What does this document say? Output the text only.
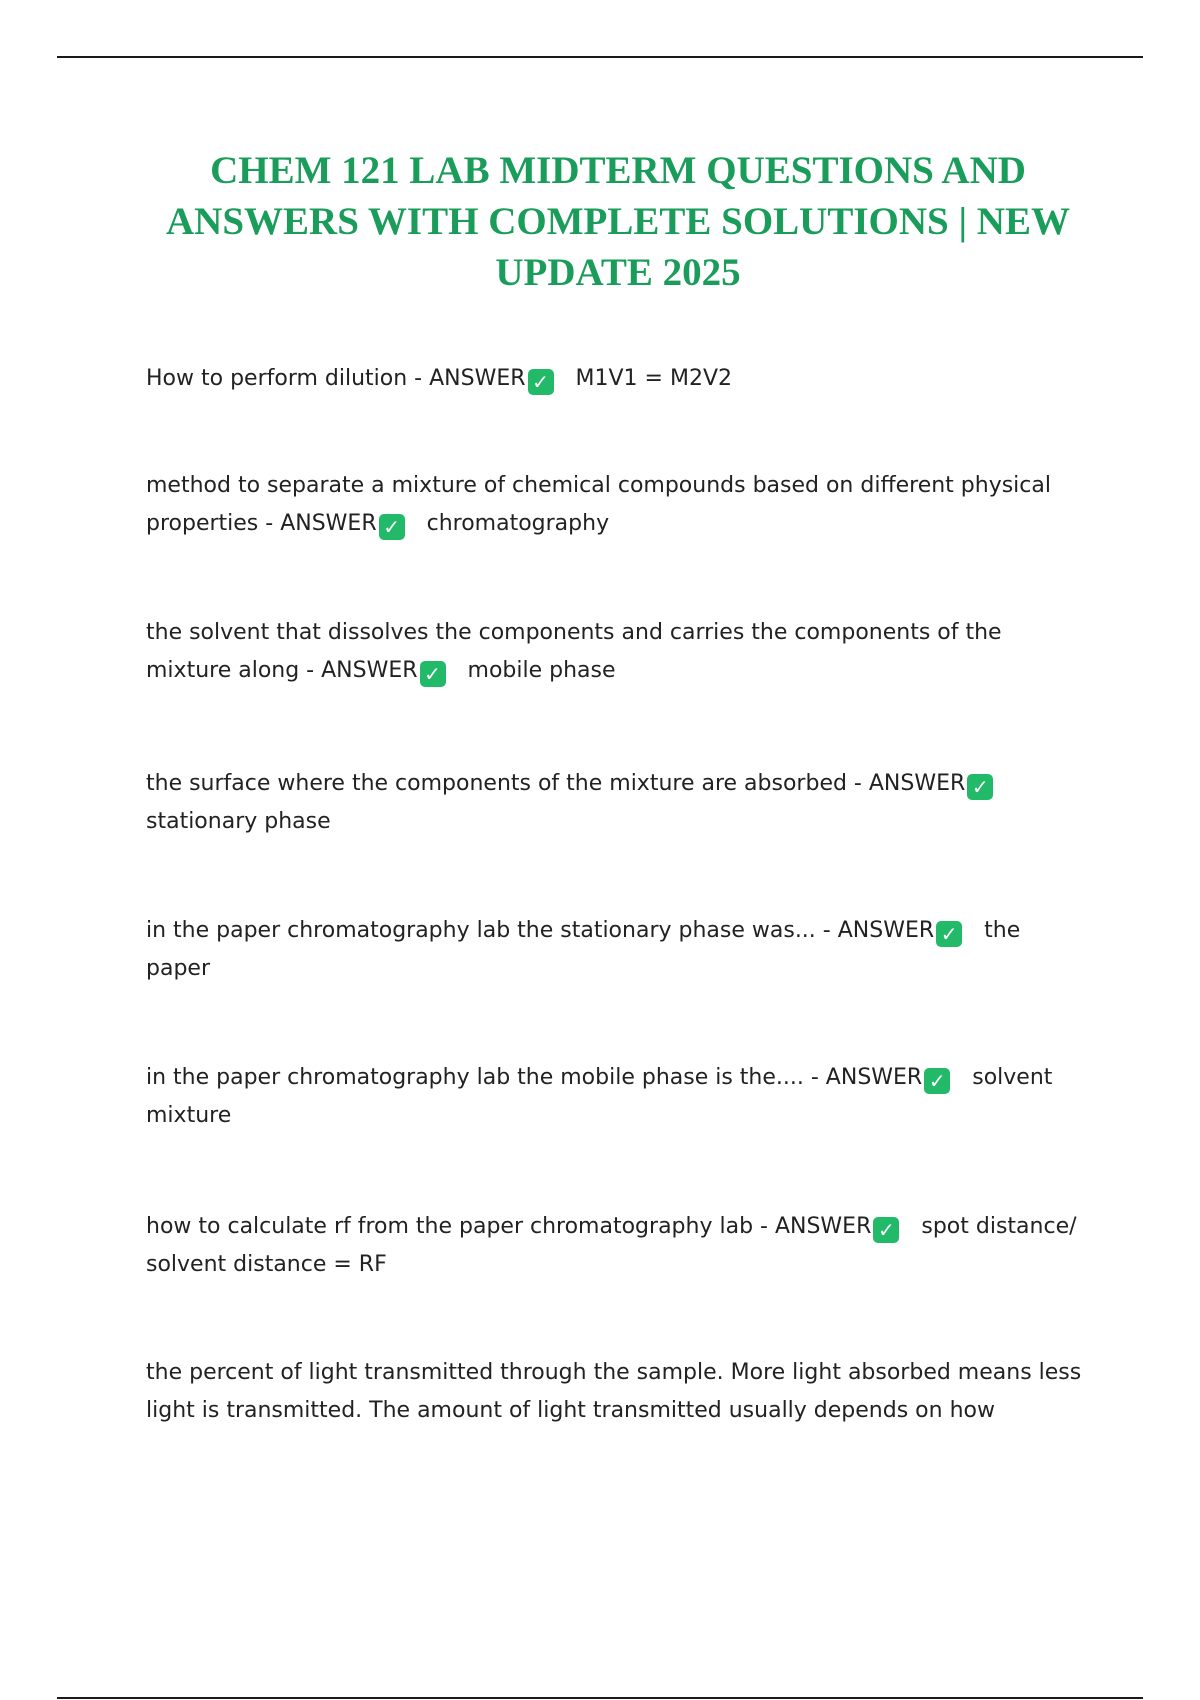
CHEM 121 LAB MIDTERM QUESTIONS AND ANSWERS WITH COMPLETE SOLUTIONS | NEW UPDATE 2025

How to perform dilution - ANSWER ✓ M1V1 = M2V2

method to separate a mixture of chemical compounds based on different physical properties - ANSWER ✓ chromatography

the solvent that dissolves the components and carries the components of the mixture along - ANSWER ✓ mobile phase

the surface where the components of the mixture are absorbed - ANSWER ✓stationary phase

in the paper chromatography lab the stationary phase was... - ANSWER ✓ the paper

in the paper chromatography lab the mobile phase is the.... - ANSWER ✓ solvent mixture

how to calculate rf from the paper chromatography lab - ANSWER ✓ spot distance/ solvent distance = RF

the percent of light transmitted through the sample. More light absorbed means less light is transmitted. The amount of light transmitted usually depends on how
